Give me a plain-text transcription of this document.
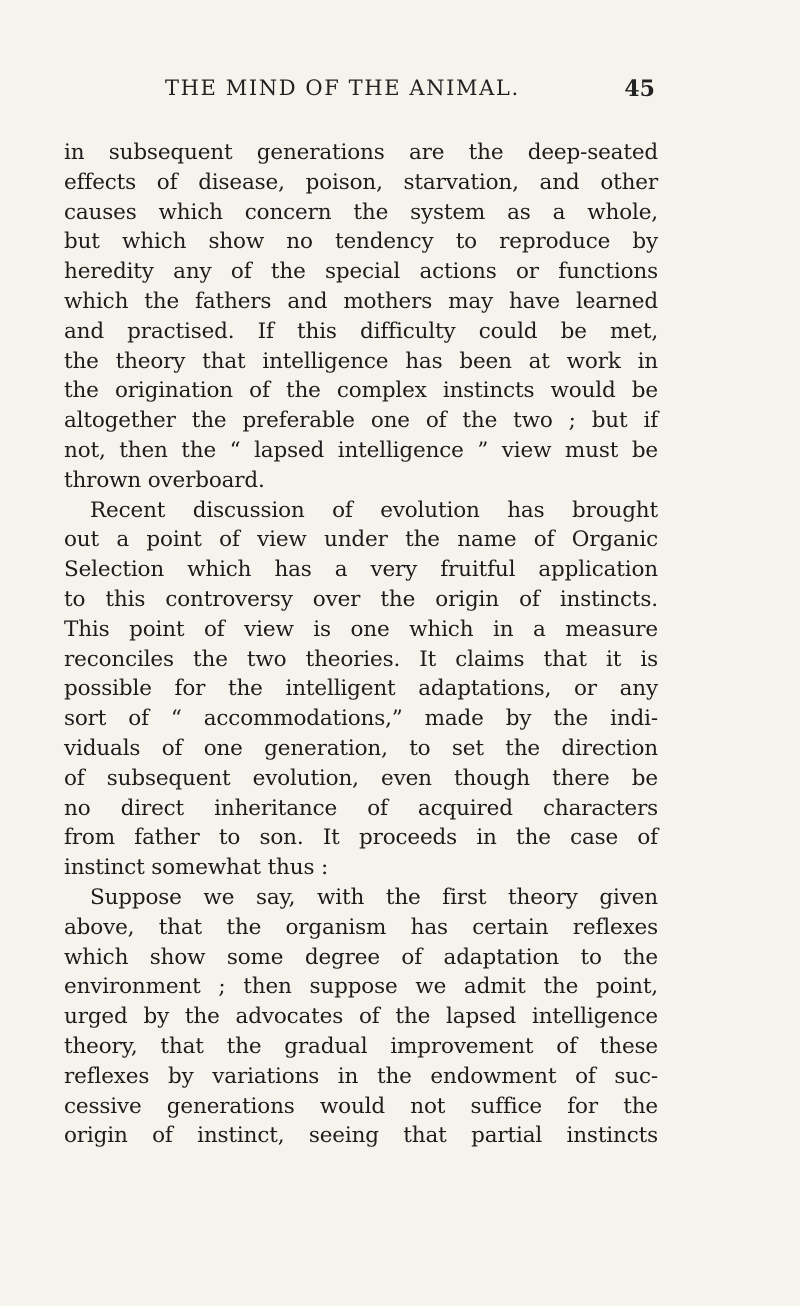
THE MIND OF THE ANIMAL.	45
in subsequent generations are the deep-seated
effects of disease, poison, starvation, and other
causes which concern the system as a whole,
but which show no tendency to reproduce by
heredity any of the special actions or functions
which the fathers and mothers may have learned
and practised. If this difficulty could be met,
the theory that intelligence has been at work in
the origination of the complex instincts would be
altogether the preferable one of the two ; but if
not, then the “ lapsed intelligence ” view must be
thrown overboard.
Recent discussion of evolution has brought
out a point of view under the name of Organic
Selection which has a very fruitful application
to this controversy over the origin of instincts.
This point of view is one which in a measure
reconciles the two theories. It claims that it is
possible for the intelligent adaptations, or any
sort of “ accommodations,” made by the indi-
viduals of one generation, to set the direction
of subsequent evolution, even though there be
no direct inheritance of acquired characters
from father to son. It proceeds in the case of
instinct somewhat thus :
Suppose we say, with the first theory given
above, that the organism has certain reflexes
which show some degree of adaptation to the
environment ; then suppose we admit the point,
urged by the advocates of the lapsed intelligence
theory, that the gradual improvement of these
reflexes by variations in the endowment of suc-
cessive generations would not suffice for the
origin of instinct, seeing that partial instincts
